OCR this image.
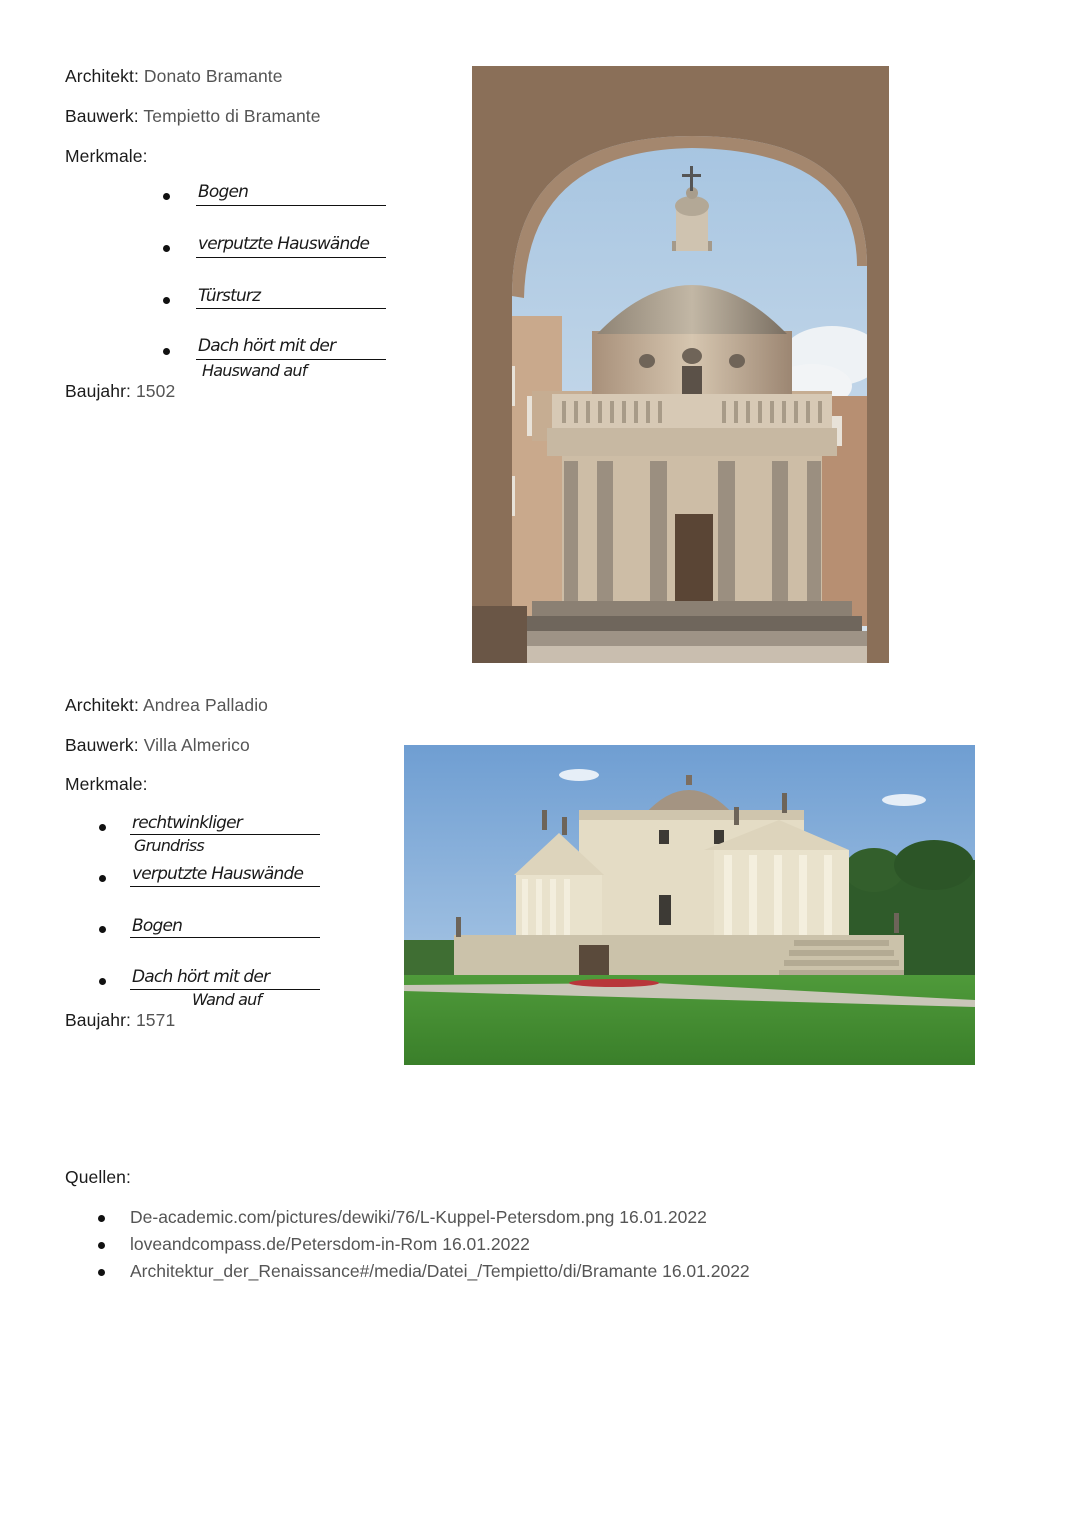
Architekt: Donato Bramante
Bauwerk: Tempietto di Bramante
Merkmale:
Bogen
verputzte Hauswände
Türsturz
Dach hört mit der
Hauswand auf
Baujahr: 1502
Architekt: Andrea Palladio
Bauwerk: Villa Almerico
Merkmale:
rechtwinkliger
Grundriss
verputzte Hauswände
Bogen
Dach hört mit der
Wand auf
Baujahr: 1571
Quellen:
De-academic.com/pictures/dewiki/76/L-Kuppel-Petersdom.png 16.01.2022
loveandcompass.de/Petersdom-in-Rom 16.01.2022
Architektur_der_Renaissance#/media/Datei_/Tempietto/di/Bramante 16.01.2022
